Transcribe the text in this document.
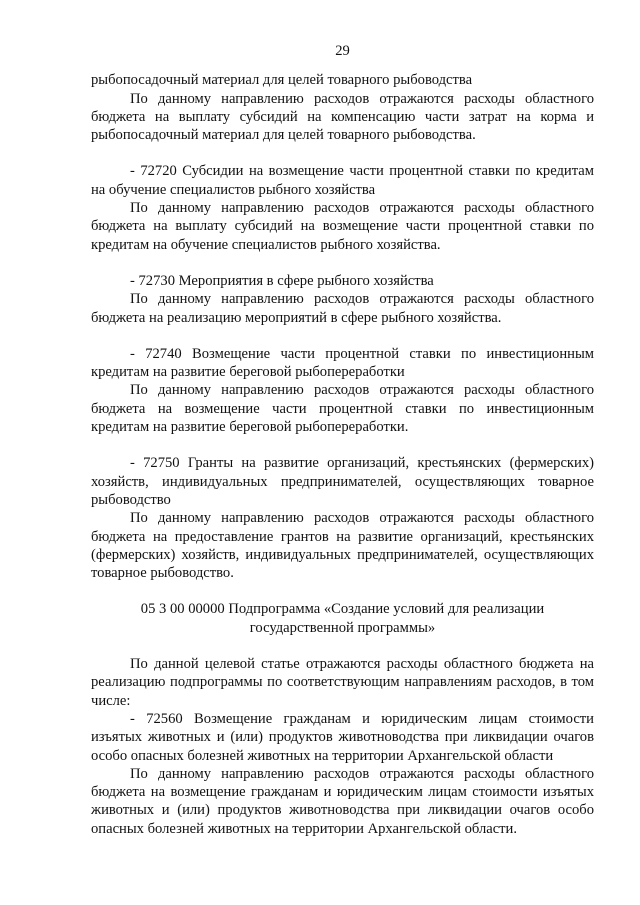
29

рыбопосадочный материал для целей товарного рыбоводства

По данному направлению расходов отражаются расходы областного бюджета на выплату субсидий на компенсацию части затрат на корма и рыбопосадочный материал для целей товарного рыбоводства.

- 72720 Субсидии на возмещение части процентной ставки по кредитам на обучение специалистов рыбного хозяйства

По данному направлению расходов отражаются расходы областного бюджета на выплату субсидий на возмещение части процентной ставки по кредитам на обучение специалистов рыбного хозяйства.

- 72730 Мероприятия в сфере рыбного хозяйства

По данному направлению расходов отражаются расходы областного бюджета на реализацию мероприятий в сфере рыбного хозяйства.

- 72740 Возмещение части процентной ставки по инвестиционным кредитам на развитие береговой рыбопереработки

По данному направлению расходов отражаются расходы областного бюджета на возмещение части процентной ставки по инвестиционным кредитам на развитие береговой рыбопереработки.

- 72750 Гранты на развитие организаций, крестьянских (фермерских) хозяйств, индивидуальных предпринимателей, осуществляющих товарное рыбоводство

По данному направлению расходов отражаются расходы областного бюджета на предоставление грантов на развитие организаций, крестьянских (фермерских) хозяйств, индивидуальных предпринимателей, осуществляющих товарное рыбоводство.

05 3 00 00000 Подпрограмма «Создание условий для реализации государственной программы»

По данной целевой статье отражаются расходы областного бюджета на реализацию подпрограммы по соответствующим направлениям расходов, в том числе:

- 72560 Возмещение гражданам и юридическим лицам стоимости изъятых животных и (или) продуктов животноводства при ликвидации очагов особо опасных болезней животных на территории Архангельской области

По данному направлению расходов отражаются расходы областного бюджета на возмещение гражданам и юридическим лицам стоимости изъятых животных и (или) продуктов животноводства при ликвидации очагов особо опасных болезней животных на территории Архангельской области.
